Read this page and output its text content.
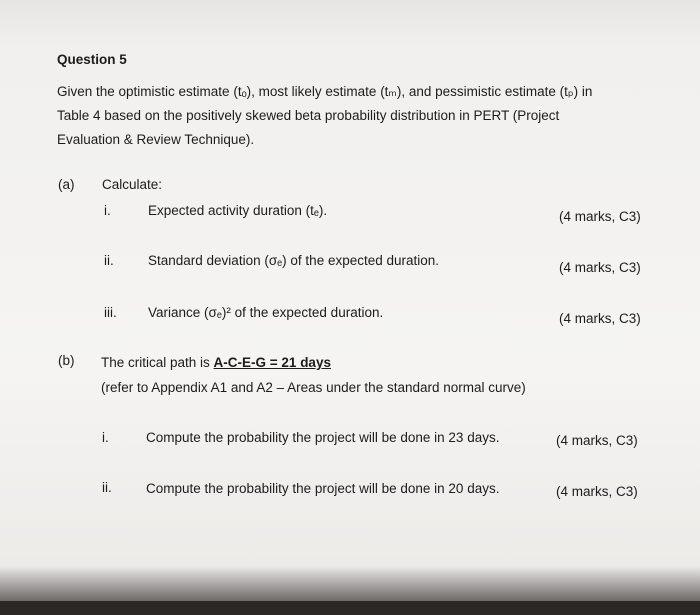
Question 5
Given the optimistic estimate (tₒ), most likely estimate (tₘ), and pessimistic estimate (tₚ) in
Table 4 based on the positively skewed beta probability distribution in PERT (Project
Evaluation & Review Technique).
(a) Calculate:
i.	Expected activity duration (tₑ).	(4 marks, C3)
ii.	Standard deviation (σₑ) of the expected duration.	(4 marks, C3)
iii. Variance (σₑ)² of the expected duration.	(4 marks, C3)
(b) The critical path is A-C-E-G = 21 days
(refer to Appendix A1 and A2 – Areas under the standard normal curve)
i.	Compute the probability the project will be done in 23 days.	(4 marks, C3)
ii.	Compute the probability the project will be done in 20 days.	(4 marks, C3)
